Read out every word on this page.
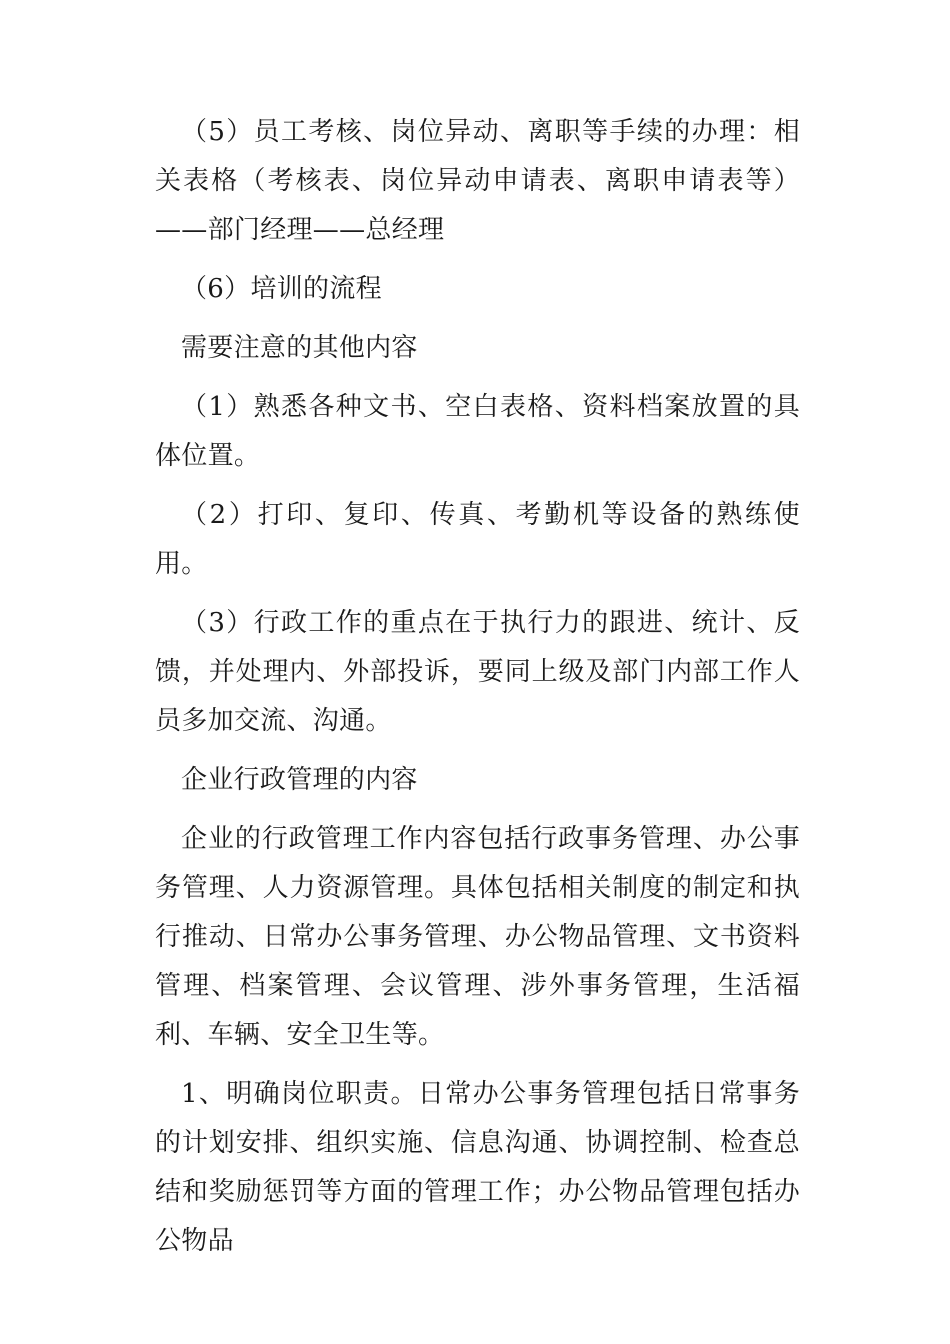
（5）员工考核、岗位异动、离职等手续的办理：相关表格（考核表、岗位异动申请表、离职申请表等）——部门经理——总经理

（6）培训的流程

需要注意的其他内容

（1）熟悉各种文书、空白表格、资料档案放置的具体位置。

（2）打印、复印、传真、考勤机等设备的熟练使用。

（3）行政工作的重点在于执行力的跟进、统计、反馈，并处理内、外部投诉，要同上级及部门内部工作人员多加交流、沟通。

企业行政管理的内容

企业的行政管理工作内容包括行政事务管理、办公事务管理、人力资源管理。具体包括相关制度的制定和执行推动、日常办公事务管理、办公物品管理、文书资料管理、档案管理、会议管理、涉外事务管理，生活福利、车辆、安全卫生等。

1、明确岗位职责。日常办公事务管理包括日常事务的计划安排、组织实施、信息沟通、协调控制、检查总结和奖励惩罚等方面的管理工作；办公物品管理包括办公物品
